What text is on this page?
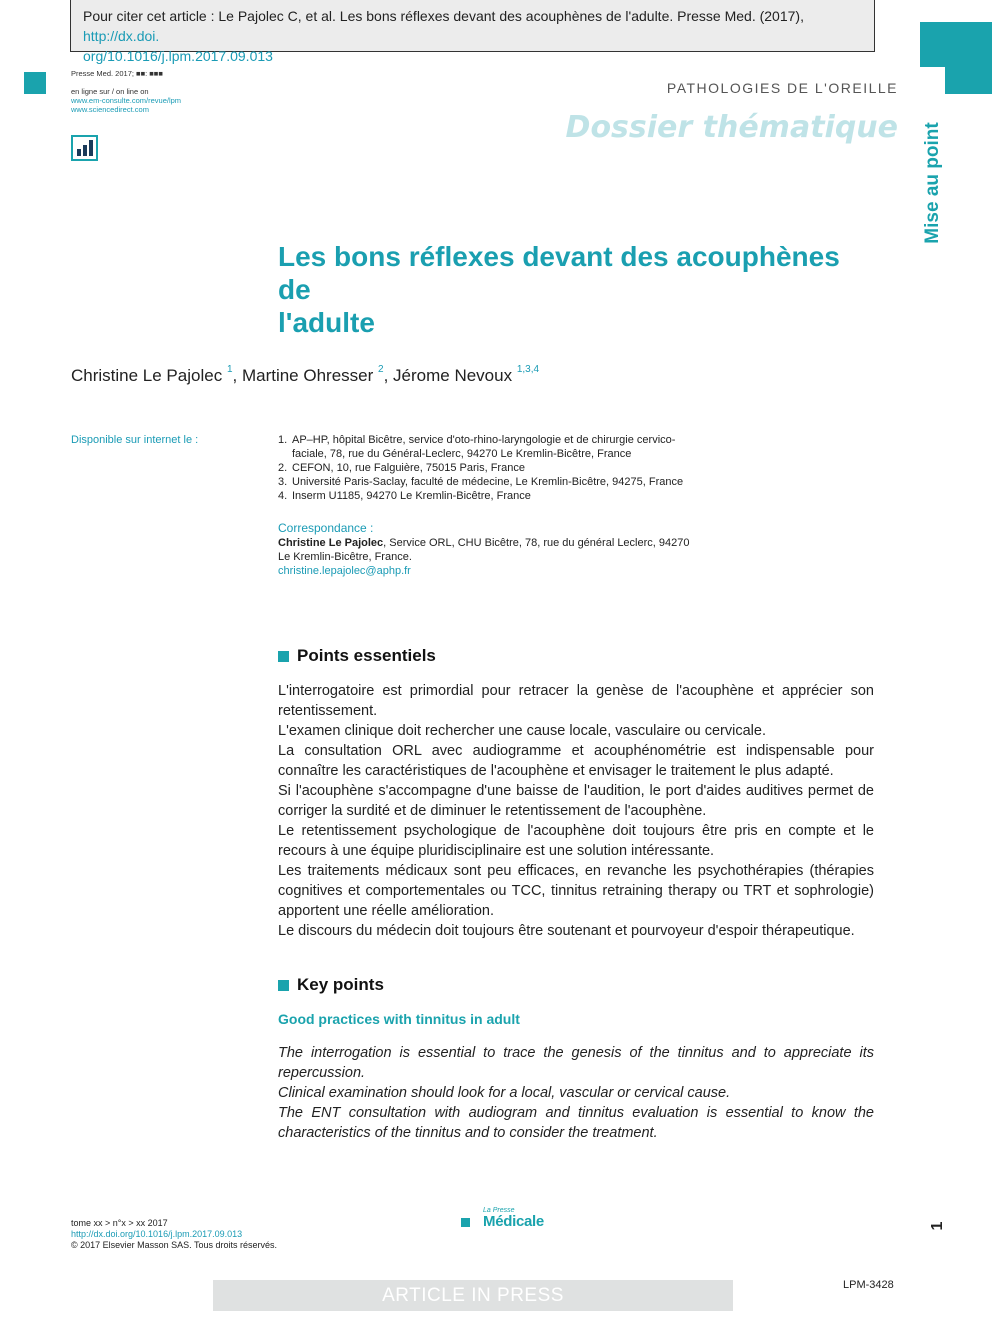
Pour citer cet article : Le Pajolec C, et al. Les bons réflexes devant des acouphènes de l'adulte. Presse Med. (2017), http://dx.doi.
org/10.1016/j.lpm.2017.09.013
Presse Med. 2017; ■■: ■■■
en ligne sur / on line on
www.em-consulte.com/revue/lpm
www.sciencedirect.com
PATHOLOGIES DE L'OREILLE
Dossier thématique Mise au point
Les bons réflexes devant des acouphènes de
l'adulte
Christine Le Pajolec $^1$, Martine Ohresser $^2$, Jérome Nevoux $^{1,3,4}$
Disponible sur internet le :	1. AP–HP, hôpital Bicêtre, service d'oto-rhino-laryngologie et de chirurgie cervico-faciale, 78, rue du Général-Leclerc, 94270 Le Kremlin-Bicêtre, France
2. CEFON, 10, rue Falguière, 75015 Paris, France
3. Université Paris-Saclay, faculté de médecine, Le Kremlin-Bicêtre, 94275, France
4. Inserm U1185, 94270 Le Kremlin-Bicêtre, France
Correspondance :
Christine Le Pajolec, Service ORL, CHU Bicêtre, 78, rue du général Leclerc, 94270 Le Kremlin-Bicêtre, France.
christine.lepajolec@aphp.fr
Points essentiels

L'interrogatoire est primordial pour retracer la genèse de l'acouphène et apprécier son retentissement.

L'examen clinique doit rechercher une cause locale, vasculaire ou cervicale.

La consultation ORL avec audiogramme et acouphénométrie est indispensable pour connaître les caractéristiques de l'acouphène et envisager le traitement le plus adapté.

Si l'acouphène s'accompagne d'une baisse de l'audition, le port d'aides auditives permet de corriger la surdité et de diminuer le retentissement de l'acouphène.

Le retentissement psychologique de l'acouphène doit toujours être pris en compte et le recours à une équipe pluridisciplinaire est une solution intéressante.

Les traitements médicaux sont peu efficaces, en revanche les psychothérapies (thérapies cognitives et comportementales ou TCC, tinnitus retraining therapy ou TRT et sophrologie) apportent une réelle amélioration.

Le discours du médecin doit toujours être soutenant et pourvoyeur d'espoir thérapeutique.

Key points
Good practices with tinnitus in adult

The interrogation is essential to trace the genesis of the tinnitus and to appreciate its repercussion.

Clinical examination should look for a local, vascular or cervical cause.

The ENT consultation with audiogram and tinnitus evaluation is essential to know the characteristics of the tinnitus and to consider the treatment.

tome xx > n°x > xx 2017
http://dx.doi.org/10.1016/j.lpm.2017.09.013
© 2017 Elsevier Masson SAS. Tous droits réservés.
La Presse
Médicale	1
ARTICLE IN PRESS	LPM-3428
